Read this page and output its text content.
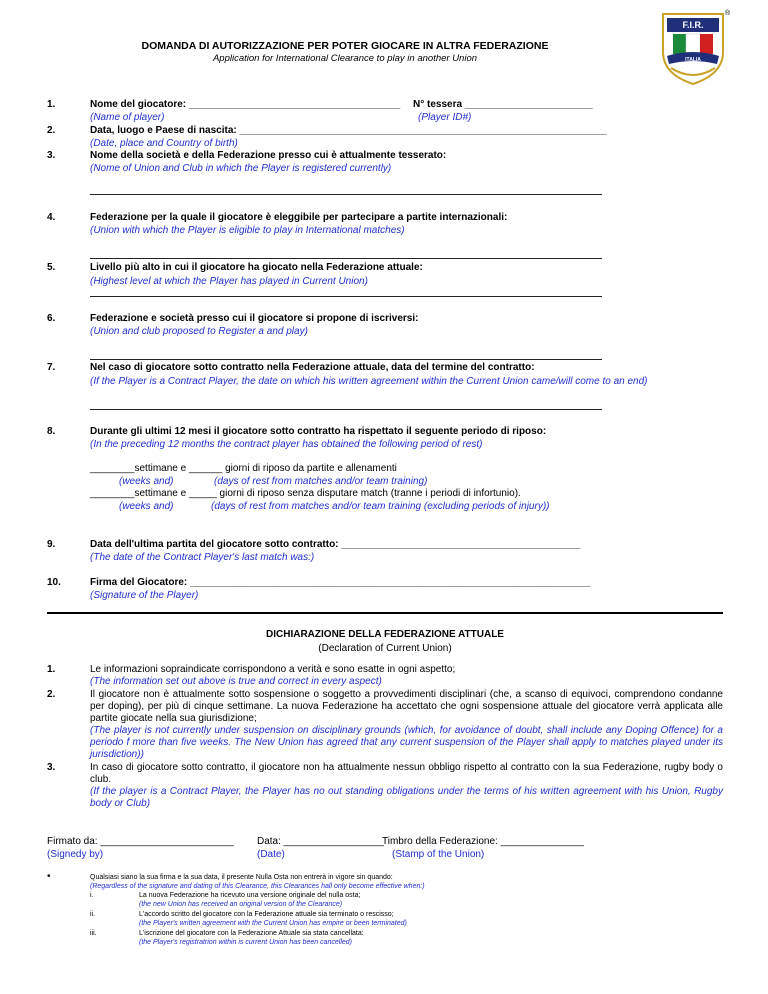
DOMANDA DI AUTORIZZAZIONE PER POTER GIOCARE IN ALTRA FEDERAZIONE
Application for International Clearance to play in another Union
F.I.R.
ITALIA
®
1.	Nome del giocatore: ______________________________________ N° tessera _______________________
(Name of player)	(Player ID#)
2.	Data, luogo e Paese di nascita: __________________________________________________________________
(Date, place and Country of birth)
3.	Nome della società e della Federazione presso cui è attualmente tesserato:
(Nome of Union and Club in which the Player is registered currently)
4.	Federazione per la quale il giocatore è eleggibile per partecipare a partite internazionali:
(Union with which the Player is eligible to play in International matches)
5.	Livello più alto in cui il giocatore ha giocato nella Federazione attuale:
(Highest level at which the Player has played in Current Union)
6.	Federazione e società presso cui il giocatore si propone di iscriversi:
(Union and club proposed to Register a and play)
7.	Nel caso di giocatore sotto contratto nella Federazione attuale, data del termine del contratto:
(If the Player is a Contract Player, the date on which his written agreement within the Current Union came/will come to an end)
8.	Durante gli ultimi 12 mesi il giocatore sotto contratto ha rispettato il seguente periodo di riposo:
(In the preceding 12 months the contract player has obtained the following period of rest)
________settimane e ______ giorni di riposo da partite e allenamenti
(weeks and)	(days of rest from matches and/or team training)
________settimane e _____ giorni di riposo senza disputare match (tranne i periodi di infortunio).
(weeks and)	(days of rest from matches and/or team training (excluding periods of injury))
9.	Data dell'ultima partita del giocatore sotto contratto: ___________________________________________
(The date of the Contract Player's last match was:)
10.	Firma del Giocatore: ________________________________________________________________________
(Signature of the Player)
DICHIARAZIONE DELLA FEDERAZIONE ATTUALE
(Declaration of Current Union)
1.	Le informazioni sopraindicate corrispondono a verità e sono esatte in ogni aspetto;

(The information set out above is true and correct in every aspect)

2.	Il giocatore non è attualmente sotto sospensione o soggetto a provvedimenti disciplinari (che, a scanso di equivoci, comprendono condanne per doping), per più di cinque settimane. La nuova Federazione ha accettato che ogni sospensione attuale del giocatore verrà applicata alle partite giocate nella sua giurisdizione;

(The player is not currently under suspension on disciplinary grounds (which, for avoidance of doubt, shall include any Doping Offence) for a periodo f more than five weeks. The New Union has agreed that any current suspension of the Player shall apply to matches played under its jurisdiction))

3.	In caso di giocatore sotto contratto, il giocatore non ha attualmente nessun obbligo rispetto al contratto con la sua Federazione, rugby body o club.

(If the player is a Contract Player, the Player has no out standing obligations under the terms of his written agreement with his Union, Rugby body or Club)

Firmato da: ________________________
(Signedy by)
Data: __________________
(Date)
Timbro della Federazione: _______________
(Stamp of the Union)
•	Qualsiasi siano la sua firma e la sua data, il presente Nulla Osta non entrerà in vigore sin quando:
(Regardless of the signature and dating of this Clearance, this Clearances hall only become effective when:)
i.	La nuova Federazione ha ricevuto una versione originale del nulla osta;
(the new Union has received an original version of the Clearance)
ii.	L'accordo scritto del giocatore con la Federazione attuale sia terminato o rescisso;
(the Player's written agreement with the Current Union has empire or been terminated)
iii.	L'iscrizione del giocatore con la Federazione Attuale sia stata cancellata:
(the Player's registratrion within is current Union has been cancelled)
